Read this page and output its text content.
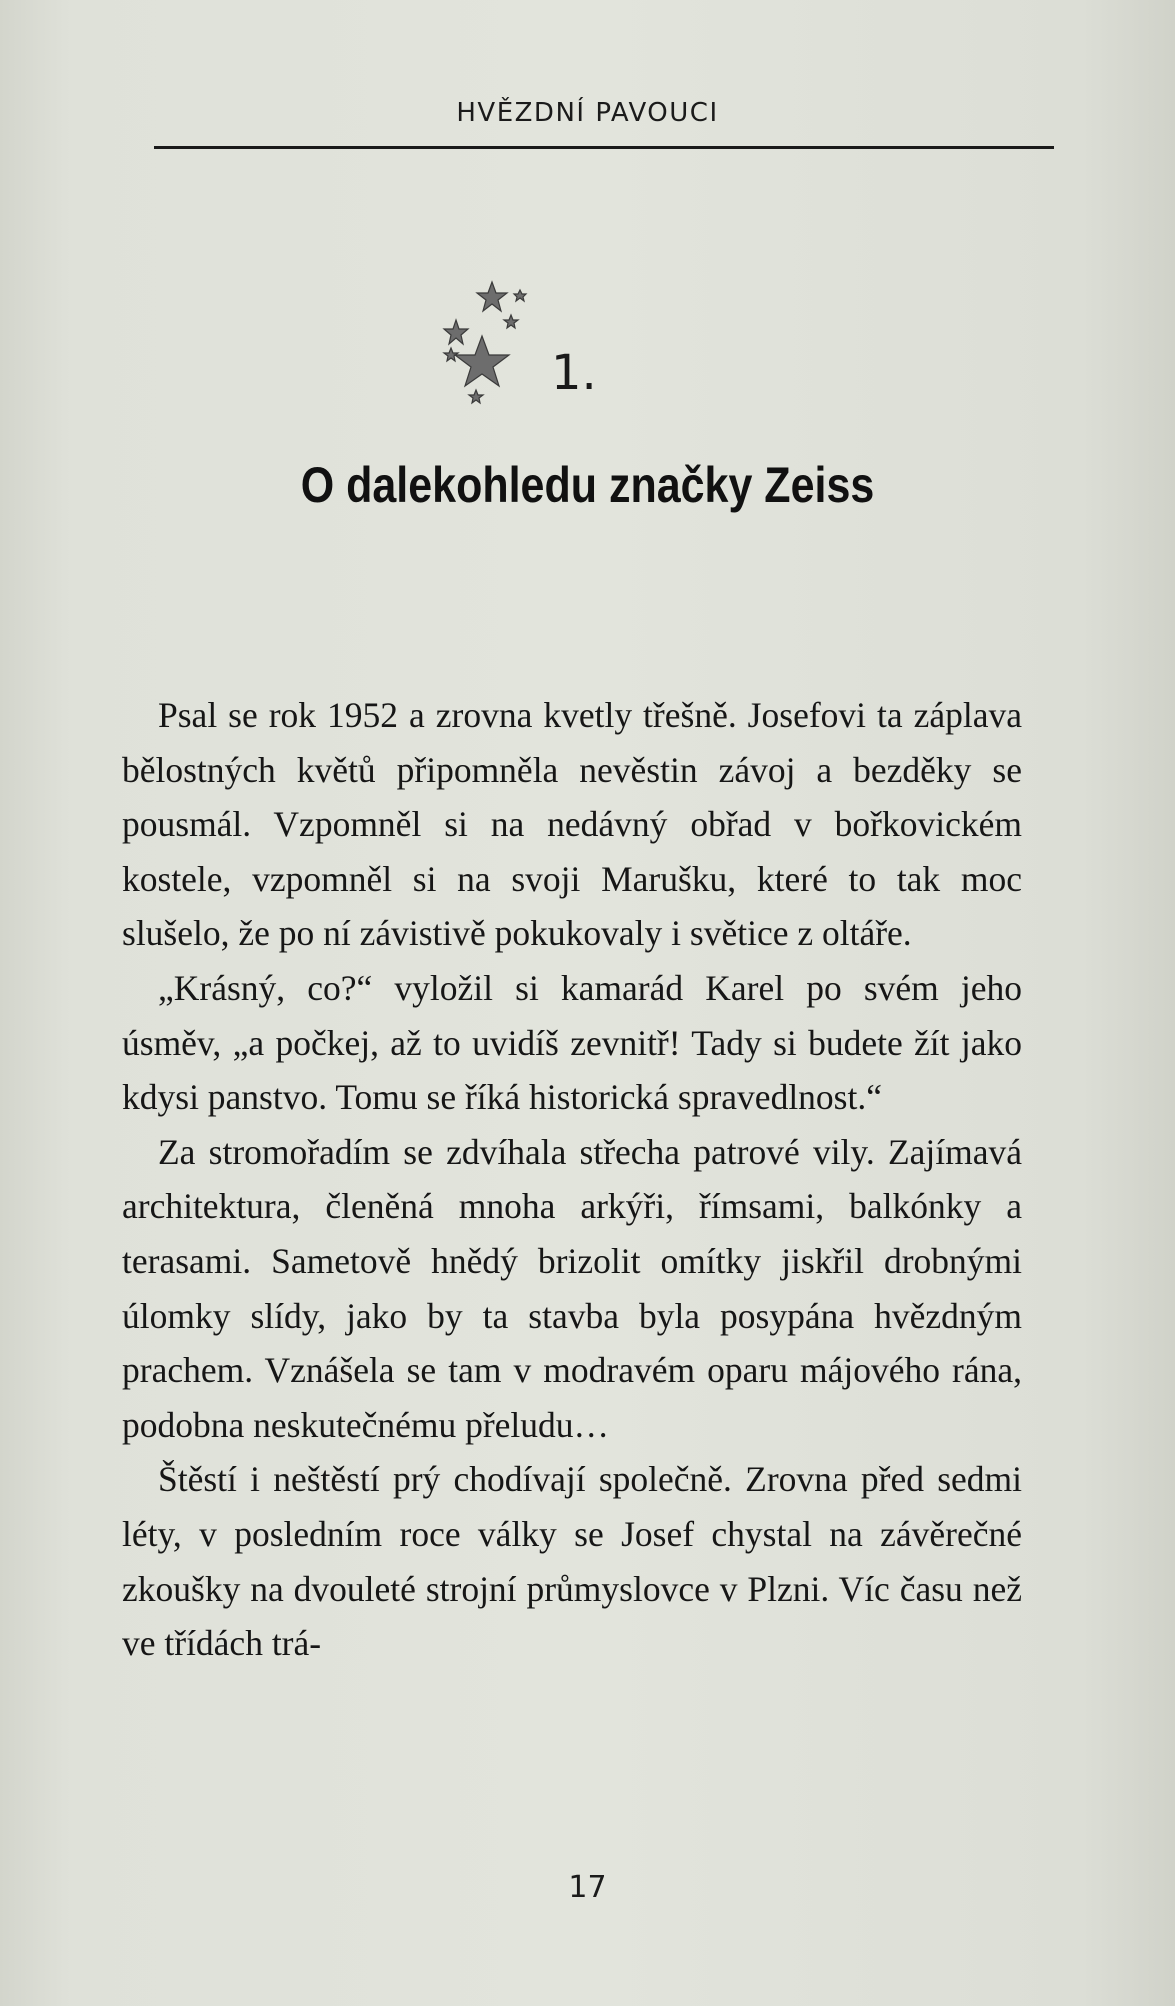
HVĚZDNÍ PAVOUCI
1.
O dalekohledu značky Zeiss

Psal se rok 1952 a zrovna kvetly třešně. Josefovi ta záplava bělostných květů připomněla nevěstin závoj a bezděky se pousmál. Vzpomněl si na nedávný obřad v bořkovickém kostele, vzpomněl si na svoji Marušku, které to tak moc slušelo, že po ní závistivě pokukovaly i světice z oltáře.

„Krásný, co?“ vyložil si kamarád Karel po svém jeho úsměv, „a počkej, až to uvidíš zevnitř! Tady si budete žít jako kdysi panstvo. Tomu se říká historická spravedlnost.“

Za stromořadím se zdvíhala střecha patrové vily. Zajímavá architektura, členěná mnoha arkýři, římsami, balkónky a terasami. Sametově hnědý brizolit omítky jiskřil drobnými úlomky slídy, jako by ta stavba byla posypána hvězdným prachem. Vznášela se tam v modravém oparu májového rána, podobna neskutečnému přeludu…

Štěstí i neštěstí prý chodívají společně. Zrovna před sedmi léty, v posledním roce války se Josef chystal na závěrečné zkoušky na dvouleté strojní průmyslovce v Plzni. Víc času než ve třídách trá-

17
